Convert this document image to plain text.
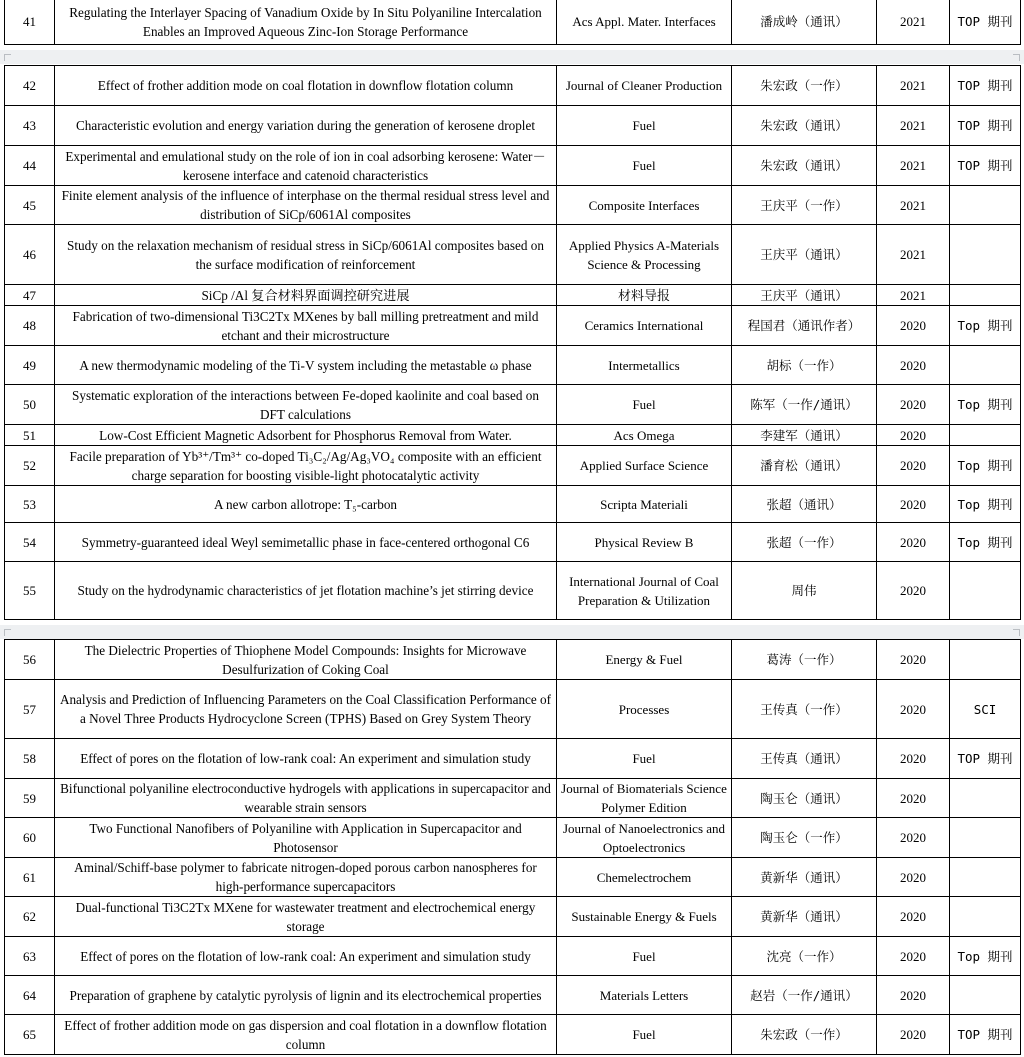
41	Regulating the Interlayer Spacing of Vanadium Oxide by In Situ Polyaniline Intercalation Enables an Improved Aqueous Zinc-Ion Storage Performance	Acs Appl. Mater. Interfaces	潘成岭（通讯）	2021	TOP 期刊
42	Effect of frother addition mode on coal flotation in downflow flotation column	Journal of Cleaner Production	朱宏政（一作）	2021	TOP 期刊
43	Characteristic evolution and energy variation during the generation of kerosene droplet	Fuel	朱宏政（通讯）	2021	TOP 期刊
44	Experimental and emulational study on the role of ion in coal adsorbing kerosene: Water－kerosene interface and catenoid characteristics	Fuel	朱宏政（通讯）	2021	TOP 期刊
45	Finite element analysis of the influence of interphase on the thermal residual stress level and distribution of SiCp/6061Al composites	Composite Interfaces	王庆平（一作）	2021	
46	Study on the relaxation mechanism of residual stress in SiCp/6061Al composites based on the surface modification of reinforcement	Applied Physics A-Materials Science & Processing	王庆平（通讯）	2021	
47	SiCp /Al 复合材料界面调控研究进展	材料导报	王庆平（通讯）	2021	
48	Fabrication of two-dimensional Ti3C2Tx MXenes by ball milling pretreatment and mild etchant and their microstructure	Ceramics International	程国君（通讯作者）	2020	Top 期刊
49	A new thermodynamic modeling of the Ti-V system including the metastable ω phase	Intermetallics	胡标（一作）	2020	
50	Systematic exploration of the interactions between Fe-doped kaolinite and coal based on DFT calculations	Fuel	陈军（一作/通讯）	2020	Top 期刊
51	Low-Cost Efficient Magnetic Adsorbent for Phosphorus Removal from Water.	Acs Omega	李建军（通讯）	2020	
52	Facile preparation of Yb³⁺/Tm³⁺ co-doped Ti₃C₂/Ag/Ag₃VO₄ composite with an efficient charge separation for boosting visible-light photocatalytic activity	Applied Surface Science	潘育松（通讯）	2020	Top 期刊
53	A new carbon allotrope: T₅-carbon	Scripta Materiali	张超（通讯）	2020	Top 期刊
54	Symmetry-guaranteed ideal Weyl semimetallic phase in face-centered orthogonal C6	Physical Review B	张超（一作）	2020	Top 期刊
55	Study on the hydrodynamic characteristics of jet flotation machine’s jet stirring device	International Journal of Coal Preparation & Utilization	周伟	2020	
56	The Dielectric Properties of Thiophene Model Compounds: Insights for Microwave Desulfurization of Coking Coal	Energy & Fuel	葛涛（一作）	2020	
57	Analysis and Prediction of Influencing Parameters on the Coal Classification Performance of a Novel Three Products Hydrocyclone Screen (TPHS) Based on Grey System Theory	Processes	王传真（一作）	2020	SCI
58	Effect of pores on the flotation of low-rank coal: An experiment and simulation study	Fuel	王传真（通讯）	2020	TOP 期刊
59	Bifunctional polyaniline electroconductive hydrogels with applications in supercapacitor and wearable strain sensors	Journal of Biomaterials Science Polymer Edition	陶玉仑（通讯）	2020	
60	Two Functional Nanofibers of Polyaniline with Application in Supercapacitor and Photosensor	Journal of Nanoelectronics and Optoelectronics	陶玉仑（一作）	2020	
61	Aminal/Schiff-base polymer to fabricate nitrogen-doped porous carbon nanospheres for high-performance supercapacitors	Chemelectrochem	黄新华（通讯）	2020	
62	Dual-functional Ti3C2Tx MXene for wastewater treatment and electrochemical energy storage	Sustainable Energy & Fuels	黄新华（通讯）	2020	
63	Effect of pores on the flotation of low-rank coal: An experiment and simulation study	Fuel	沈亮（一作）	2020	Top 期刊
64	Preparation of graphene by catalytic pyrolysis of lignin and its electrochemical properties	Materials Letters	赵岩（一作/通讯）	2020	
65	Effect of frother addition mode on gas dispersion and coal flotation in a downflow flotation column	Fuel	朱宏政（一作）	2020	TOP 期刊
